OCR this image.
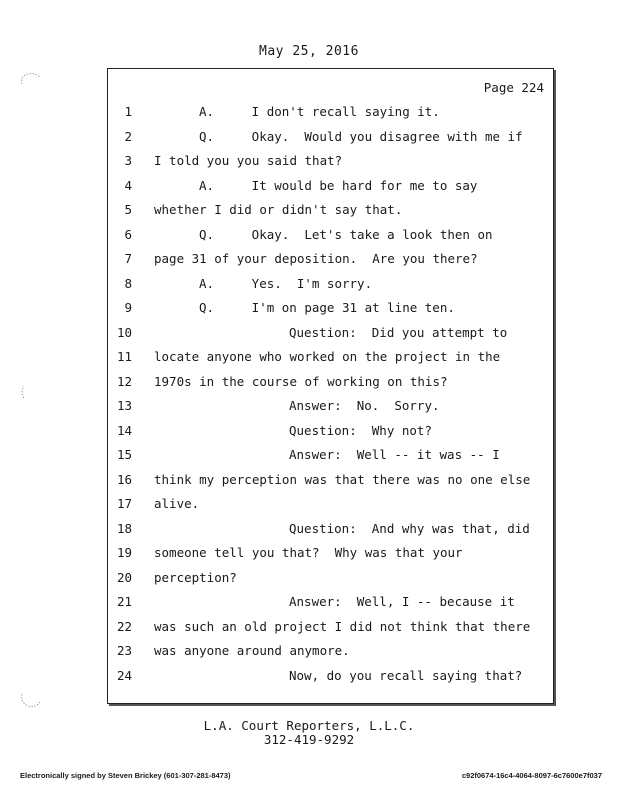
May 25, 2016
Page 224
1	A.     I don't recall saying it.
2	Q.     Okay.  Would you disagree with me if
3 I told you you said that?
4	A.     It would be hard for me to say
5 whether I did or didn't say that.
6	Q.     Okay.  Let's take a look then on
7 page 31 of your deposition.  Are you there?
8	A.     Yes.  I'm sorry.
9	Q.     I'm on page 31 at line ten.
10	Question:  Did you attempt to
11 locate anyone who worked on the project in the
12 1970s in the course of working on this?
13	Answer:  No.  Sorry.
14	Question:  Why not?
15	Answer:  Well -- it was -- I
16 think my perception was that there was no one else
17 alive.
18	Question:  And why was that, did
19 someone tell you that?  Why was that your
20 perception?
21	Answer:  Well, I -- because it
22 was such an old project I did not think that there
23 was anyone around anymore.
24	Now, do you recall saying that?
L.A. Court Reporters, L.L.C.
312-419-9292
Electronically signed by Steven Brickey (601-307-281-8473)	c92f0674-16c4-4064-8097-6c7600e7f037
